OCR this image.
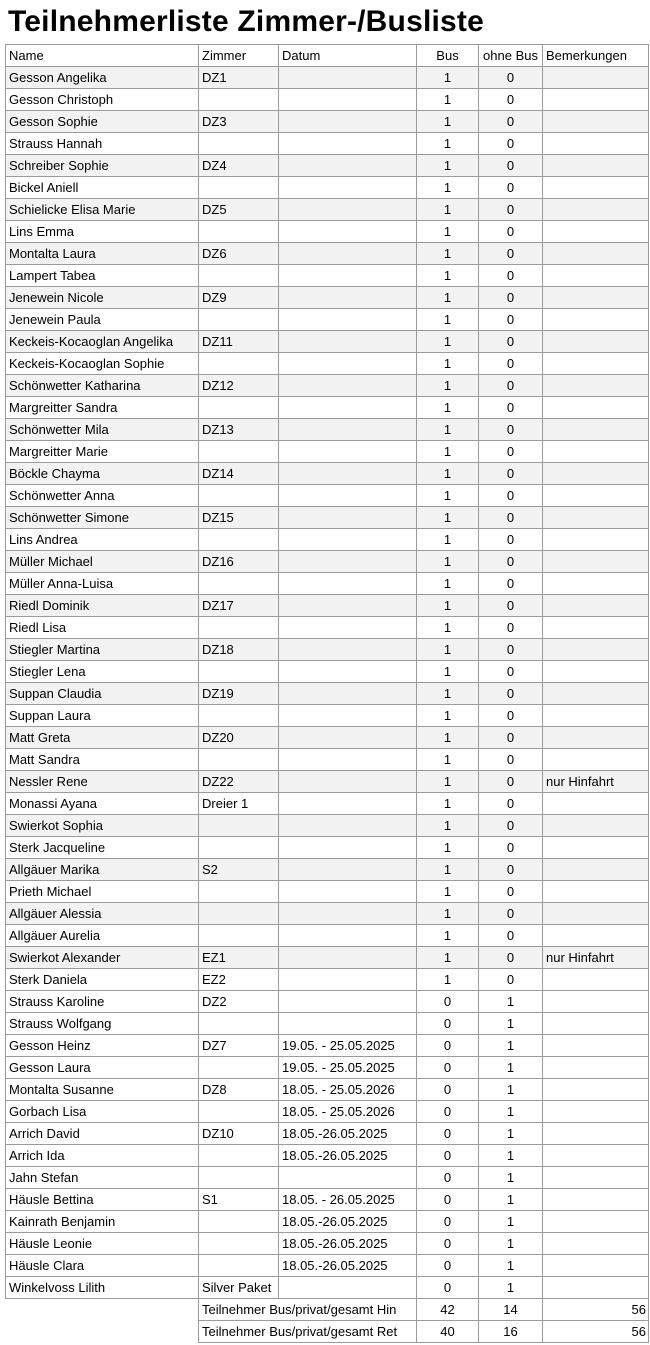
Teilnehmerliste Zimmer-/Busliste
Name	Zimmer	Datum	Bus	ohne Bus	Bemerkungen
Gesson Angelika	DZ1		1	0	
Gesson Christoph			1	0	
Gesson Sophie	DZ3		1	0	
Strauss Hannah			1	0	
Schreiber Sophie	DZ4		1	0	
Bickel Aniell			1	0	
Schielicke Elisa Marie	DZ5		1	0	
Lins Emma			1	0	
Montalta Laura	DZ6		1	0	
Lampert Tabea			1	0	
Jenewein Nicole	DZ9		1	0	
Jenewein Paula			1	0	
Keckeis-Kocaoglan Angelika	DZ11		1	0	
Keckeis-Kocaoglan Sophie			1	0	
Schönwetter Katharina	DZ12		1	0	
Margreitter Sandra			1	0	
Schönwetter Mila	DZ13		1	0	
Margreitter Marie			1	0	
Böckle Chayma	DZ14		1	0	
Schönwetter Anna			1	0	
Schönwetter Simone	DZ15		1	0	
Lins Andrea			1	0	
Müller Michael	DZ16		1	0	
Müller Anna-Luisa			1	0	
Riedl Dominik	DZ17		1	0	
Riedl Lisa			1	0	
Stiegler Martina	DZ18		1	0	
Stiegler Lena			1	0	
Suppan Claudia	DZ19		1	0	
Suppan Laura			1	0	
Matt Greta	DZ20		1	0	
Matt Sandra			1	0	
Nessler Rene	DZ22		1	0	nur Hinfahrt
Monassi Ayana	Dreier 1		1	0	
Swierkot Sophia			1	0	
Sterk Jacqueline			1	0	
Allgäuer Marika	S2		1	0	
Prieth Michael			1	0	
Allgäuer Alessia			1	0	
Allgäuer Aurelia			1	0	
Swierkot Alexander	EZ1		1	0	nur Hinfahrt
Sterk Daniela	EZ2		1	0	
Strauss Karoline	DZ2		0	1	
Strauss Wolfgang			0	1	
Gesson Heinz	DZ7	19.05. - 25.05.2025	0	1	
Gesson Laura		19.05. - 25.05.2025	0	1	
Montalta Susanne	DZ8	18.05. - 25.05.2026	0	1	
Gorbach Lisa		18.05. - 25.05.2026	0	1	
Arrich David	DZ10	18.05.-26.05.2025	0	1	
Arrich Ida		18.05.-26.05.2025	0	1	
Jahn Stefan			0	1	
Häusle Bettina	S1	18.05. - 26.05.2025	0	1	
Kainrath Benjamin		18.05.-26.05.2025	0	1	
Häusle Leonie		18.05.-26.05.2025	0	1	
Häusle Clara		18.05.-26.05.2025	0	1	
Winkelvoss Lilith	Silver Paket		0	1	
	Teilnehmer Bus/privat/gesamt Hin		42	14	56
	Teilnehmer Bus/privat/gesamt Ret		40	16	56
